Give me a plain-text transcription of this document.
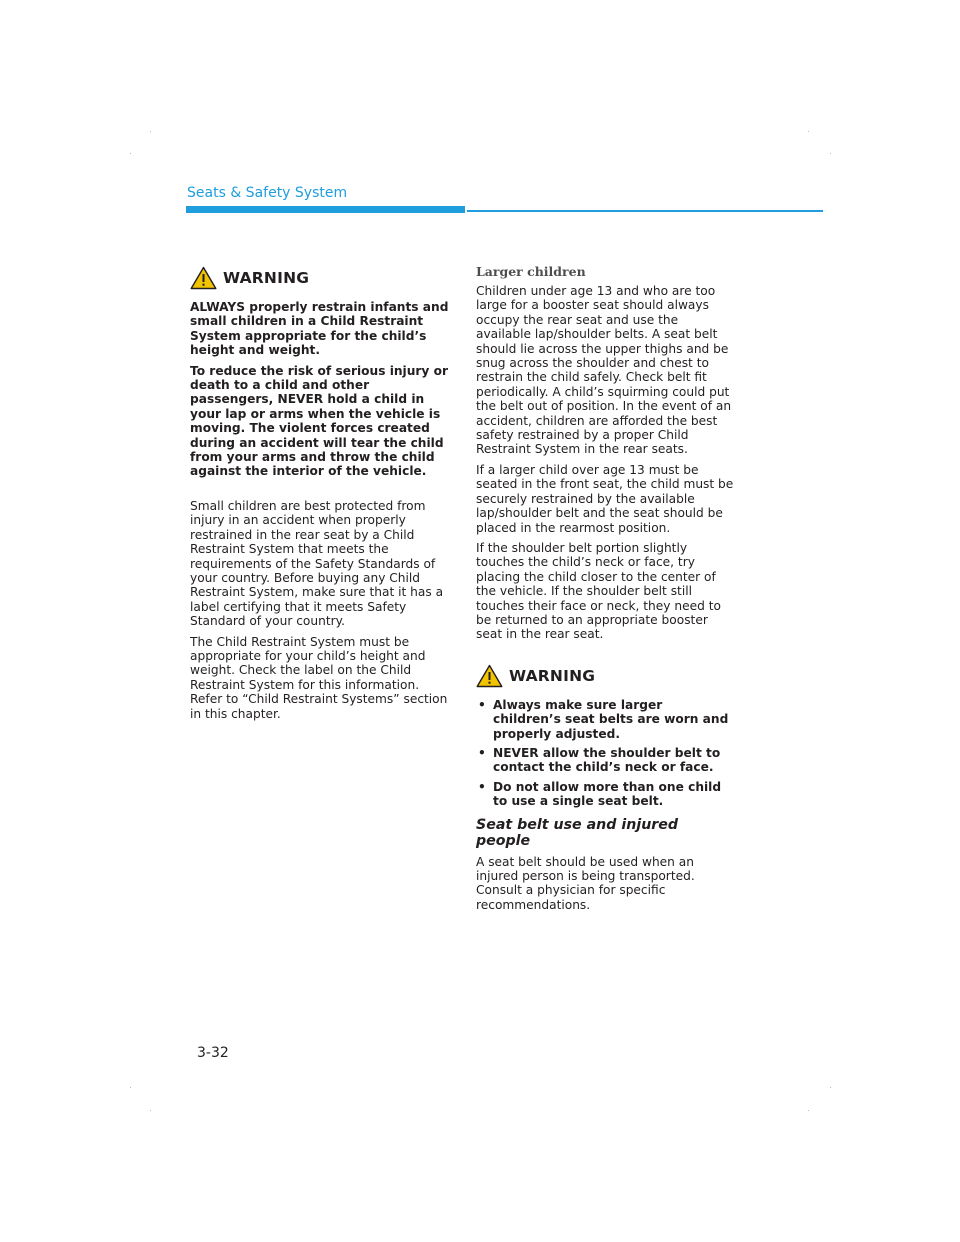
Seats & Safety System
WARNING

ALWAYS properly restrain infants and small children in a Child Restraint System appropriate for the child’s height and weight.

To reduce the risk of serious injury or death to a child and other passengers, NEVER hold a child in your lap or arms when the vehicle is moving. The violent forces created during an accident will tear the child from your arms and throw the child against the interior of the vehicle.

Small children are best protected from injury in an accident when properly restrained in the rear seat by a Child Restraint System that meets the requirements of the Safety Standards of your country. Before buying any Child Restraint System, make sure that it has a label certifying that it meets Safety Standard of your country.

The Child Restraint System must be appropriate for your child’s height and weight. Check the label on the Child Restraint System for this information. Refer to “Child Restraint Systems” section in this chapter.

Larger children

Children under age 13 and who are too large for a booster seat should always occupy the rear seat and use the available lap/shoulder belts. A seat belt should lie across the upper thighs and be snug across the shoulder and chest to restrain the child safely. Check belt fit periodically. A child’s squirming could put the belt out of position. In the event of an accident, children are afforded the best safety restrained by a proper Child Restraint System in the rear seats.

If a larger child over age 13 must be seated in the front seat, the child must be securely restrained by the available lap/shoulder belt and the seat should be placed in the rearmost position.

If the shoulder belt portion slightly touches the child’s neck or face, try placing the child closer to the center of the vehicle. If the shoulder belt still touches their face or neck, they need to be returned to an appropriate booster seat in the rear seat.

WARNING
• Always make sure larger children’s seat belts are worn and properly adjusted.
• NEVER allow the shoulder belt to contact the child’s neck or face.
• Do not allow more than one child to use a single seat belt.
Seat belt use and injured people

A seat belt should be used when an injured person is being transported. Consult a physician for specific recommendations.

3-32
